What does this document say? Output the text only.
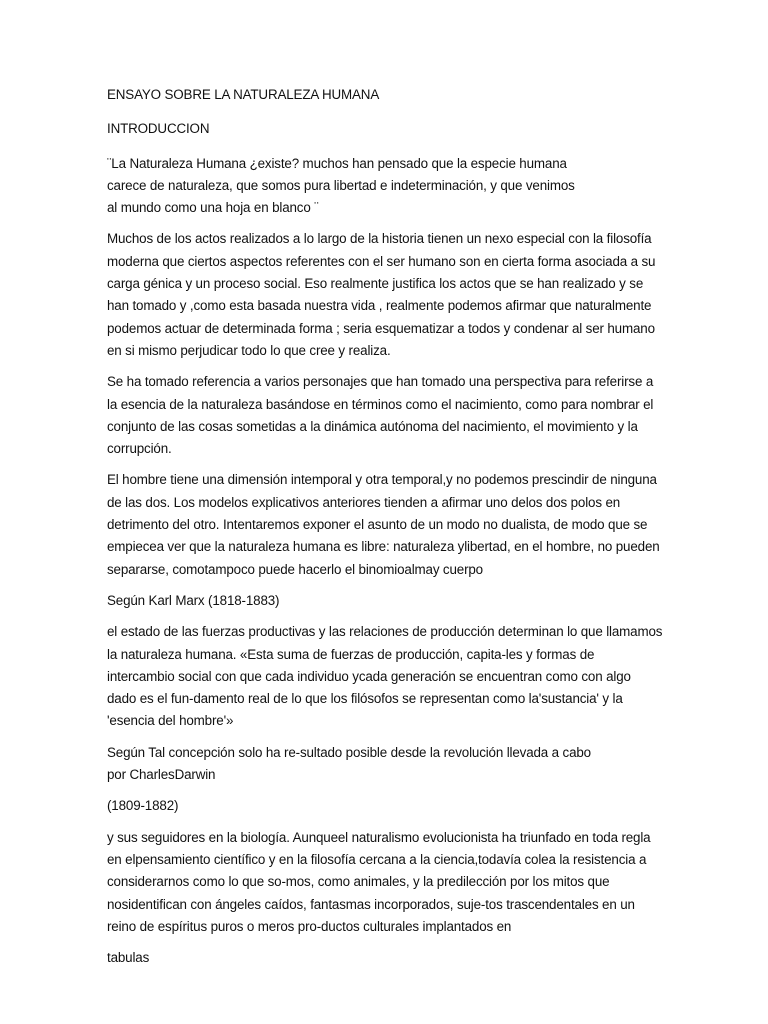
ENSAYO SOBRE LA NATURALEZA HUMANA

INTRODUCCION

¨La Naturaleza Humana ¿existe? muchos han pensado que la especie humana carece de naturaleza, que somos pura libertad e indeterminación, y que venimos al mundo como una hoja en blanco ¨

Muchos de los actos realizados a lo largo de la historia tienen un nexo especial con la filosofía moderna que ciertos aspectos referentes con el ser humano son en cierta forma asociada a su carga génica y un proceso social. Eso realmente justifica los actos que se han realizado y se han tomado y ,como esta basada nuestra vida , realmente podemos afirmar que naturalmente podemos actuar de determinada forma ; seria esquematizar a todos y condenar al ser humano en si mismo perjudicar todo lo que cree y realiza.

Se ha tomado referencia a varios personajes que han tomado una perspectiva para referirse a la esencia de la naturaleza basándose en términos como el nacimiento, como para nombrar el conjunto de las cosas sometidas a la dinámica autónoma del nacimiento, el movimiento y la corrupción.

El hombre tiene una dimensión intemporal y otra temporal,y no podemos prescindir de ninguna de las dos. Los modelos explicativos anteriores tienden a afirmar uno delos dos polos en detrimento del otro. Intentaremos exponer el asunto de un modo no dualista, de modo que se empiecea ver que la naturaleza humana es libre: naturaleza ylibertad, en el hombre, no pueden separarse, comotampoco puede hacerlo el binomioalmay cuerpo

Según Karl Marx (1818-1883)

el estado de las fuerzas productivas y las relaciones de producción determinan lo que llamamos la naturaleza humana. «Esta suma de fuerzas de producción, capita-les y formas de intercambio social con que cada individuo ycada generación se encuentran como con algo dado es el fun-damento real de lo que los filósofos se representan como la'sustancia' y la 'esencia del hombre'»

Según Tal concepción solo ha re-sultado posible desde la revolución llevada a cabo por CharlesDarwin

(1809-1882)

y sus seguidores en la biología. Aunqueel naturalismo evolucionista ha triunfado en toda regla en elpensamiento científico y en la filosofía cercana a la ciencia,todavía colea la resistencia a considerarnos como lo que so-mos, como animales, y la predilección por los mitos que nosidentifican con ángeles caídos, fantasmas incorporados, suje-tos trascendentales en un reino de espíritus puros o meros pro-ductos culturales implantados en

tabulas
